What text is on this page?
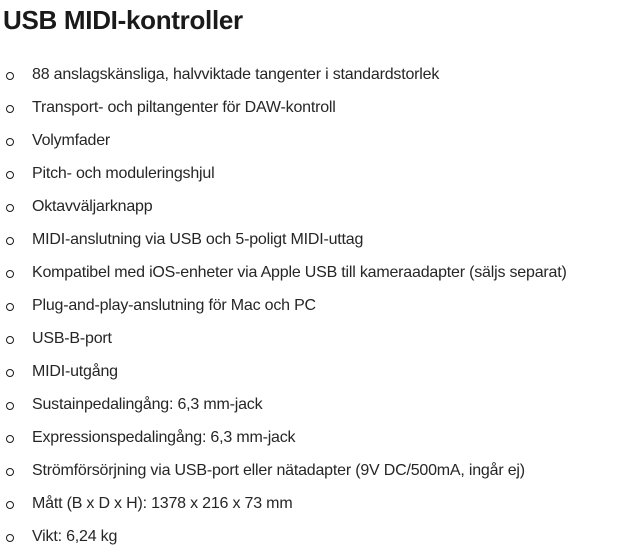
USB MIDI-kontroller
88 anslagskänsliga, halvviktade tangenter i standardstorlek
Transport- och piltangenter för DAW-kontroll
Volymfader
Pitch- och moduleringshjul
Oktavväljarknapp
MIDI-anslutning via USB och 5-poligt MIDI-uttag
Kompatibel med iOS-enheter via Apple USB till kameraadapter (säljs separat)
Plug-and-play-anslutning för Mac och PC
USB-B-port
MIDI-utgång
Sustainpedalingång: 6,3 mm-jack
Expressionspedalingång: 6,3 mm-jack
Strömförsörjning via USB-port eller nätadapter (9V DC/500mA, ingår ej)
Mått (B x D x H): 1378 x 216 x 73 mm
Vikt: 6,24 kg
